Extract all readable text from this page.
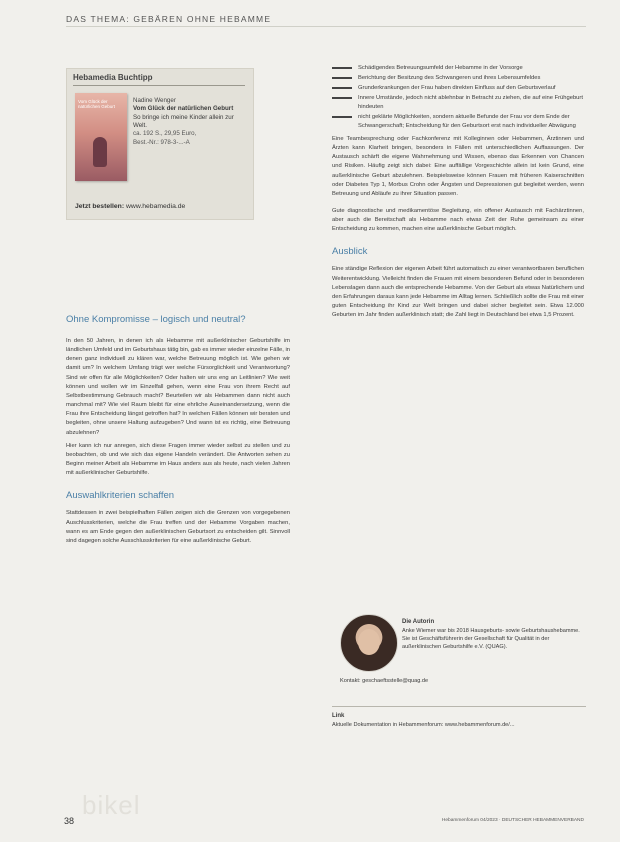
DAS THEMA: GEBÄREN OHNE HEBAMME
Hebamedia Buchtipp
Vom Glück der natürlichen Geburt
Nadine Wenger
Vom Glück der natürlichen Geburt
So bringe ich meine Kinder allein zur Welt.
ca. 192 S., 29,95 Euro,
Best.-Nr.: 978-3-...-A
Jetzt bestellen: www.hebamedia.de
Ohne Kompromisse – logisch und neutral?

In den 50 Jahren, in denen ich als Hebamme mit außerklinischer Geburtshilfe im ländlichen Umfeld und im Geburtshaus tätig bin, gab es immer wieder einzelne Fälle, in denen ganz individuell zu klären war, welche Betreuung möglich ist. Wie gehen wir damit um? In welchem Umfang trägt wer welche Fürsorglichkeit und Verantwortung? Sind wir offen für alle Möglichkeiten? Oder halten wir uns eng an Leitlinien? Wie weit können und wollen wir im Einzelfall gehen, wenn eine Frau von ihrem Recht auf Selbstbestimmung Gebrauch macht? Beurteilen wir als Hebammen dann nicht auch manchmal mit? Wie viel Raum bleibt für eine ehrliche Auseinandersetzung, wenn die Frau ihre Entscheidung längst getroffen hat? In welchen Fällen können wir beraten und begleiten, ohne unsere Haltung aufzugeben? Und wann ist es richtig, eine Betreuung abzulehnen?

Hier kann ich nur anregen, sich diese Fragen immer wieder selbst zu stellen und zu beobachten, ob und wie sich das eigene Handeln verändert. Die Antworten sehen zu Beginn meiner Arbeit als Hebamme im Haus anders aus als heute, nach vielen Jahren mit außerklinischer Geburtshilfe.

Auswahlkriterien schaffen

Stattdessen in zwei beispielhaften Fällen zeigen sich die Grenzen von vorgegebenen Auschlusskriterien, welche die Frau treffen und der Hebamme Vorgaben machen, wann es am Ende gegen den außerklinischen Geburtsort zu entscheiden gilt. Sinnvoll sind dagegen solche Ausschlusskriterien für eine außerklinische Geburt.

Schädigendes Betreuungsumfeld der Hebamme in der Vorsorge
Berichtung der Besitzung des Schwangeren und ihres Lebensumfeldes
Grunderkrankungen der Frau haben direkten Einfluss auf den Geburtsverlauf
Innere Umstände, jedoch nicht ablehnbar in Betracht zu ziehen, die auf eine Frühgeburt hindeuten
nicht geklärte Möglichkeiten, sondern aktuelle Befunde der Frau vor dem Ende der Schwangerschaft; Entscheidung für den Geburtsort erst nach individueller Abwägung

Eine Teambesprechung oder Fachkonferenz mit Kolleginnen oder Hebammen, Ärztinnen und Ärzten kann Klarheit bringen, besonders in Fällen mit unterschiedlichen Auffassungen. Der Austausch schärft die eigene Wahrnehmung und Wissen, ebenso das Erkennen von Chancen und Risiken. Häufig zeigt sich dabei: Eine auffällige Vorgeschichte allein ist kein Grund, eine außerklinische Geburt abzulehnen. Beispielsweise können Frauen mit früheren Kaiserschnitten oder Diabetes Typ 1, Morbus Crohn oder Ängsten und Depressionen gut begleitet werden, wenn Betreuung und Abläufe zu ihrer Situation passen.

Gute diagnostische und medikamentöse Begleitung, ein offener Austausch mit Fachärztinnen, aber auch die Bereitschaft als Hebamme nach etwas Zeit der Ruhe gemeinsam zu einer Entscheidung zu kommen, machen eine außerklinische Geburt möglich.

Ausblick

Eine ständige Reflexion der eigenen Arbeit führt automatisch zu einer verantwortbaren beruflichen Weiterentwicklung. Vielleicht finden die Frauen mit einem besonderen Befund oder in besonderen Lebenslagen dann auch die entsprechende Hebamme. Von der Geburt als etwas Natürlichem und den Erfahrungen daraus kann jede Hebamme im Alltag lernen. Schließlich sollte die Frau mit einer guten Entscheidung ihr Kind zur Welt bringen und dabei sicher begleitet sein. Etwa 12.000 Geburten im Jahr finden außerklinisch statt; die Zahl liegt in Deutschland bei etwa 1,5 Prozent.

Die Autorin
Anke Wiemer war bis 2018 Hausgeburts- sowie Geburtshaushebamme. Sie ist Geschäftsführerin der Gesellschaft für Qualität in der außerklinischen Geburtshilfe e.V. (QUAG).
Kontakt: geschaeftsstelle@quag.de
Link
Aktuelle Dokumentation in Hebammenforum: www.hebammenforum.de/...
bikel
38	Hebammenforum 04/2023 · DEUTSCHER HEBAMMENVERBAND
